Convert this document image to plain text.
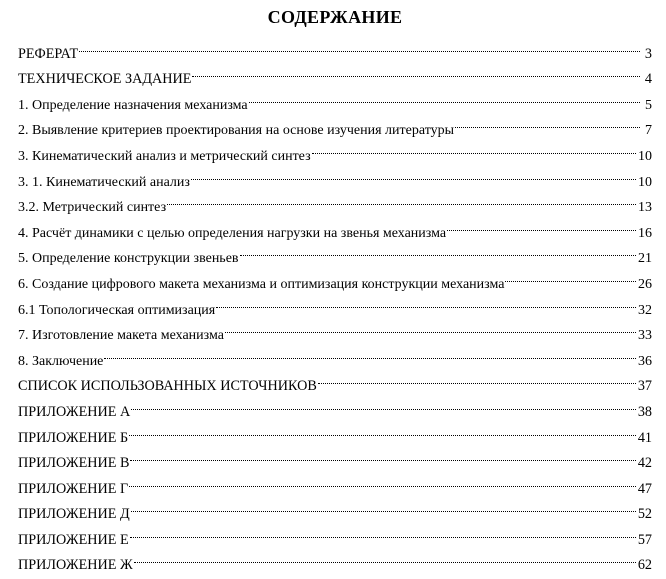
СОДЕРЖАНИЕ
РЕФЕРАТ	3
ТЕХНИЧЕСКОЕ ЗАДАНИЕ	4
1. Определение назначения механизма	5
2. Выявление критериев проектирования на основе изучения литературы	7
3. Кинематический анализ и метрический синтез	10
3. 1. Кинематический анализ	10
3.2. Метрический синтез	13
4. Расчёт динамики с целью определения нагрузки на звенья механизма	16
5. Определение конструкции звеньев	21
6. Создание цифрового макета механизма и оптимизация конструкции механизма	26
6.1 Топологическая оптимизация	32
7. Изготовление макета механизма	33
8. Заключение	36
СПИСОК ИСПОЛЬЗОВАННЫХ ИСТОЧНИКОВ	37
ПРИЛОЖЕНИЕ А	38
ПРИЛОЖЕНИЕ Б	41
ПРИЛОЖЕНИЕ В	42
ПРИЛОЖЕНИЕ Г	47
ПРИЛОЖЕНИЕ Д	52
ПРИЛОЖЕНИЕ Е	57
ПРИЛОЖЕНИЕ Ж	62
